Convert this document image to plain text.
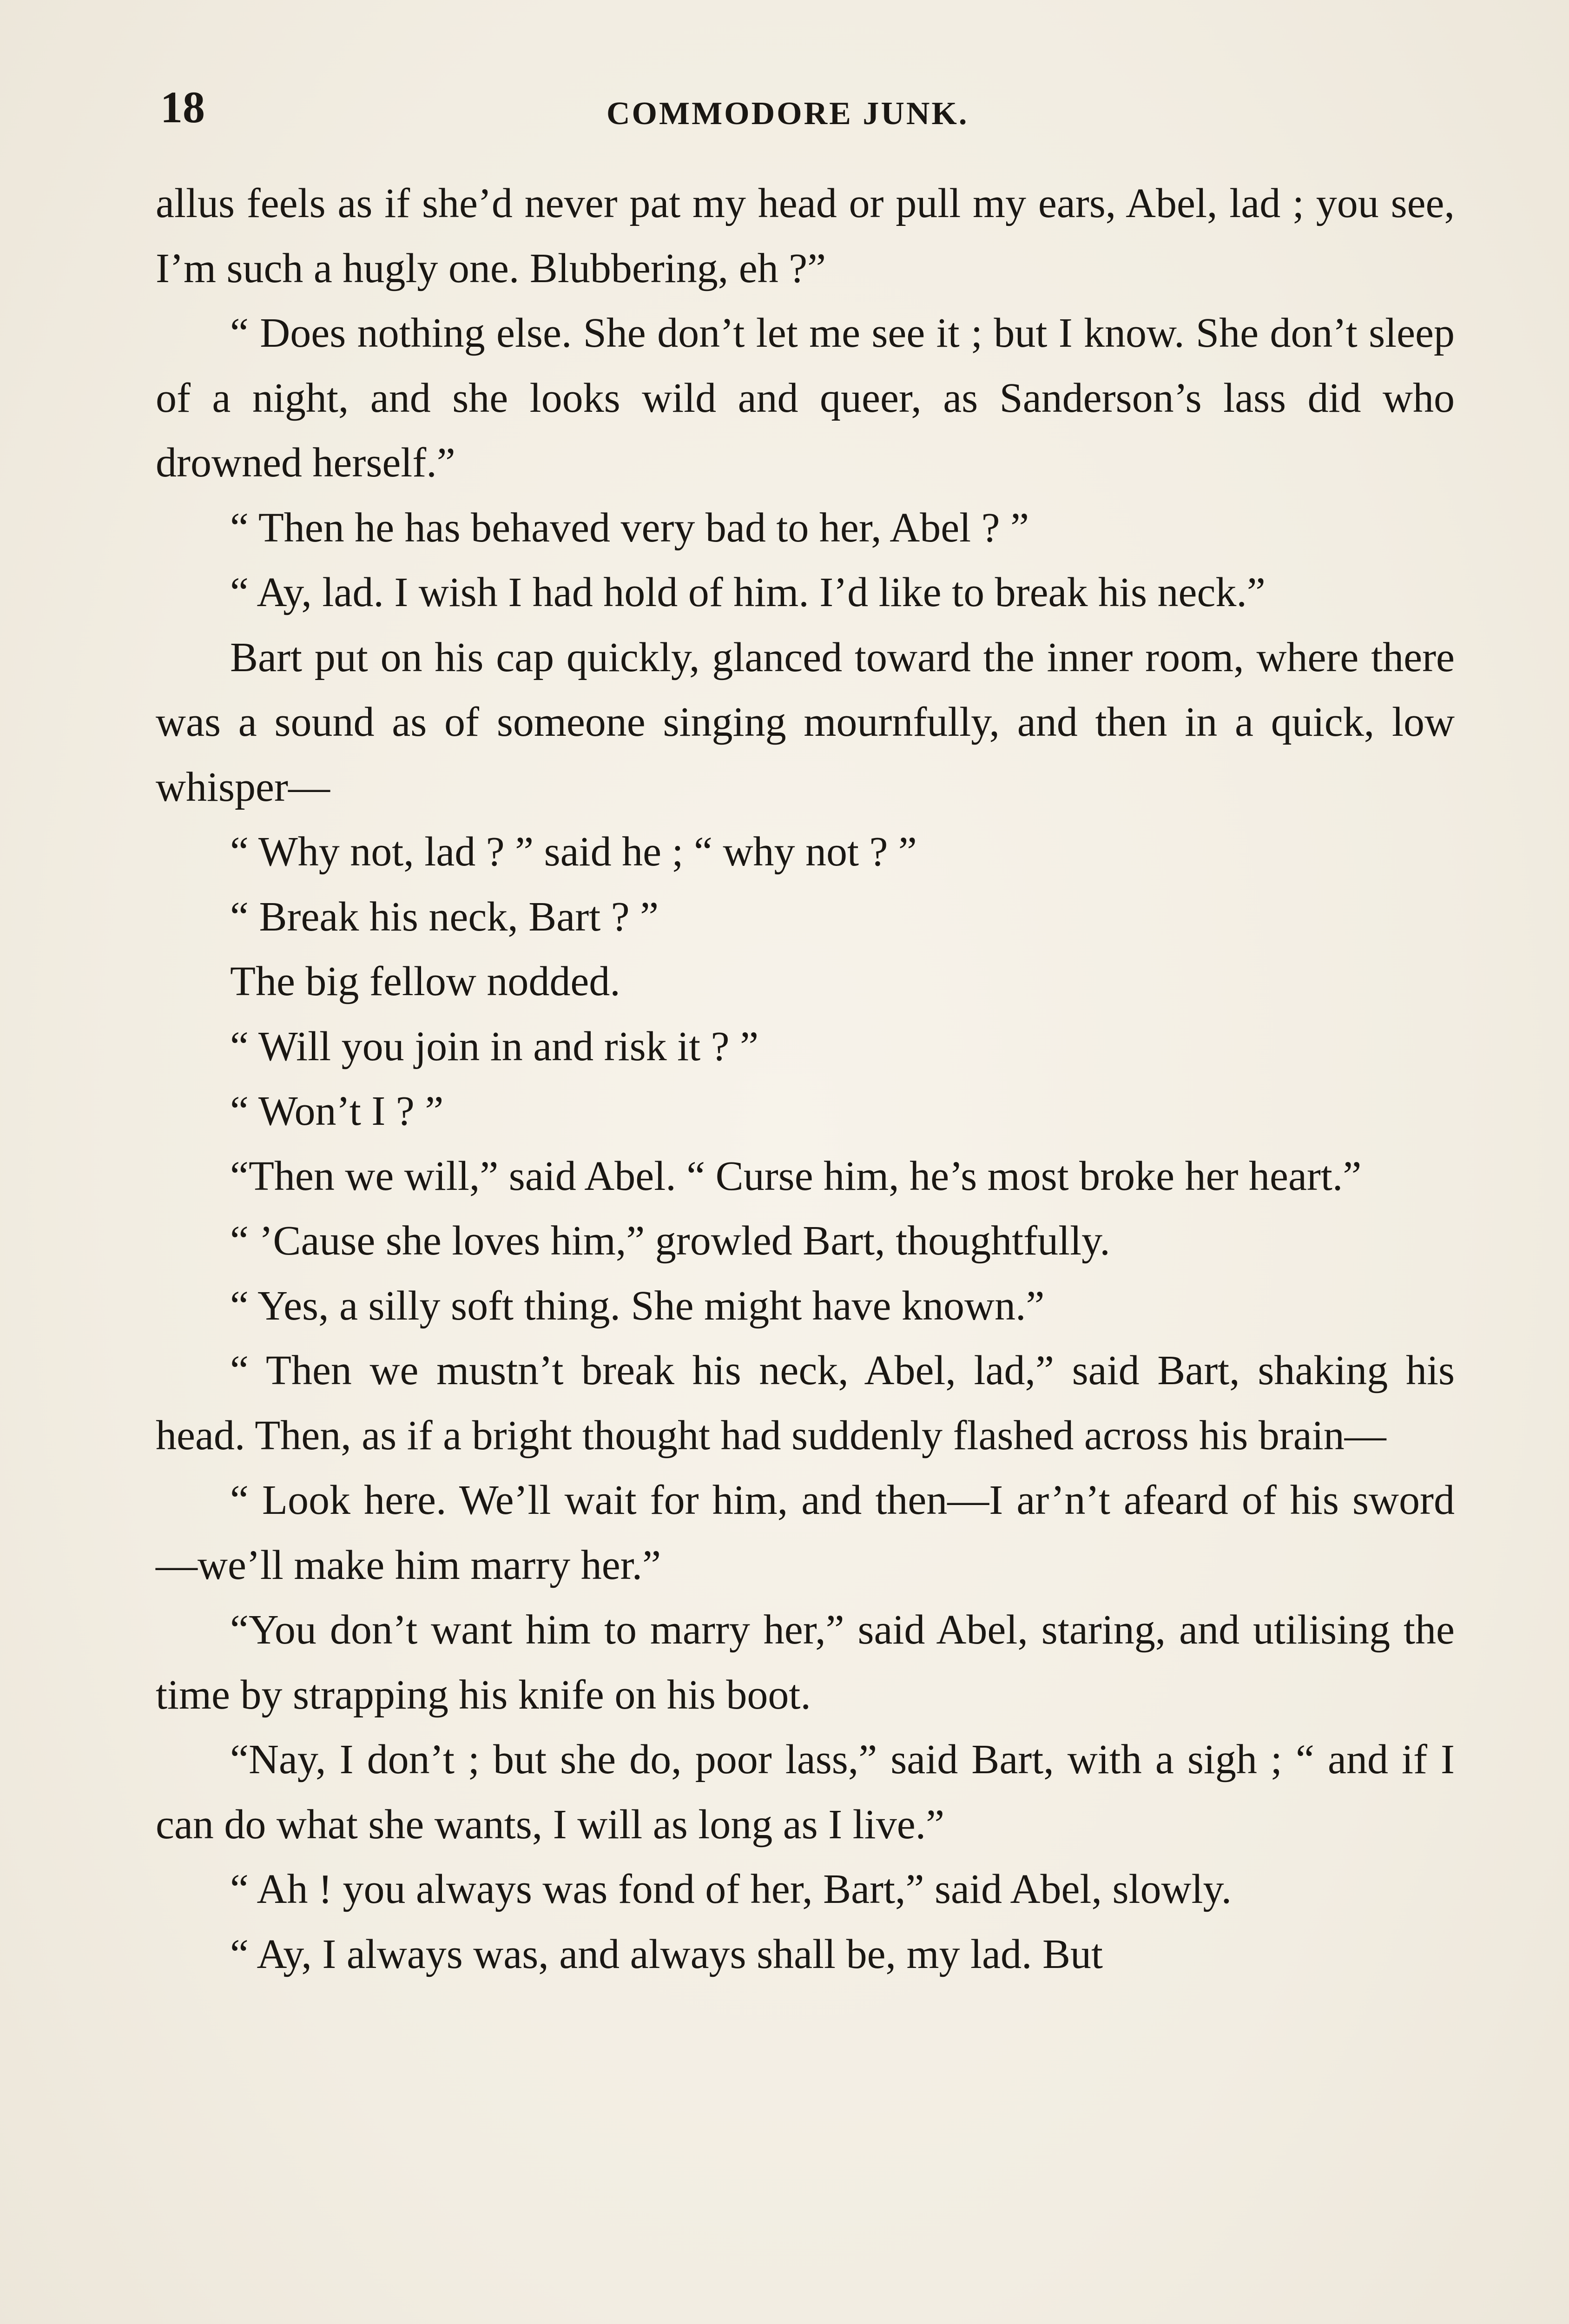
18	COMMODORE JUNK.

allus feels as if she’d never pat my head or pull my ears, Abel, lad ; you see, I’m such a hugly one. Blubbering, eh ?”

“ Does nothing else. She don’t let me see it ; but I know. She don’t sleep of a night, and she looks wild and queer, as Sanderson’s lass did who drowned herself.”

“ Then he has behaved very bad to her, Abel ? ”

“ Ay, lad. I wish I had hold of him. I’d like to break his neck.”

Bart put on his cap quickly, glanced toward the inner room, where there was a sound as of someone singing mournfully, and then in a quick, low whisper—

“ Why not, lad ? ” said he ; “ why not ? ”

“ Break his neck, Bart ? ”

The big fellow nodded.

“ Will you join in and risk it ? ”

“ Won’t I ? ”

“Then we will,” said Abel. “ Curse him, he’s most broke her heart.”

“ ’Cause she loves him,” growled Bart, thoughtfully.

“ Yes, a silly soft thing. She might have known.”

“ Then we mustn’t break his neck, Abel, lad,” said Bart, shaking his head. Then, as if a bright thought had suddenly flashed across his brain—

“ Look here. We’ll wait for him, and then—I ar’n’t afeard of his sword—we’ll make him marry her.”

“You don’t want him to marry her,” said Abel, staring, and utilising the time by strapping his knife on his boot.

“Nay, I don’t ; but she do, poor lass,” said Bart, with a sigh ; “ and if I can do what she wants, I will as long as I live.”

“ Ah ! you always was fond of her, Bart,” said Abel, slowly.

“ Ay, I always was, and always shall be, my lad. But
